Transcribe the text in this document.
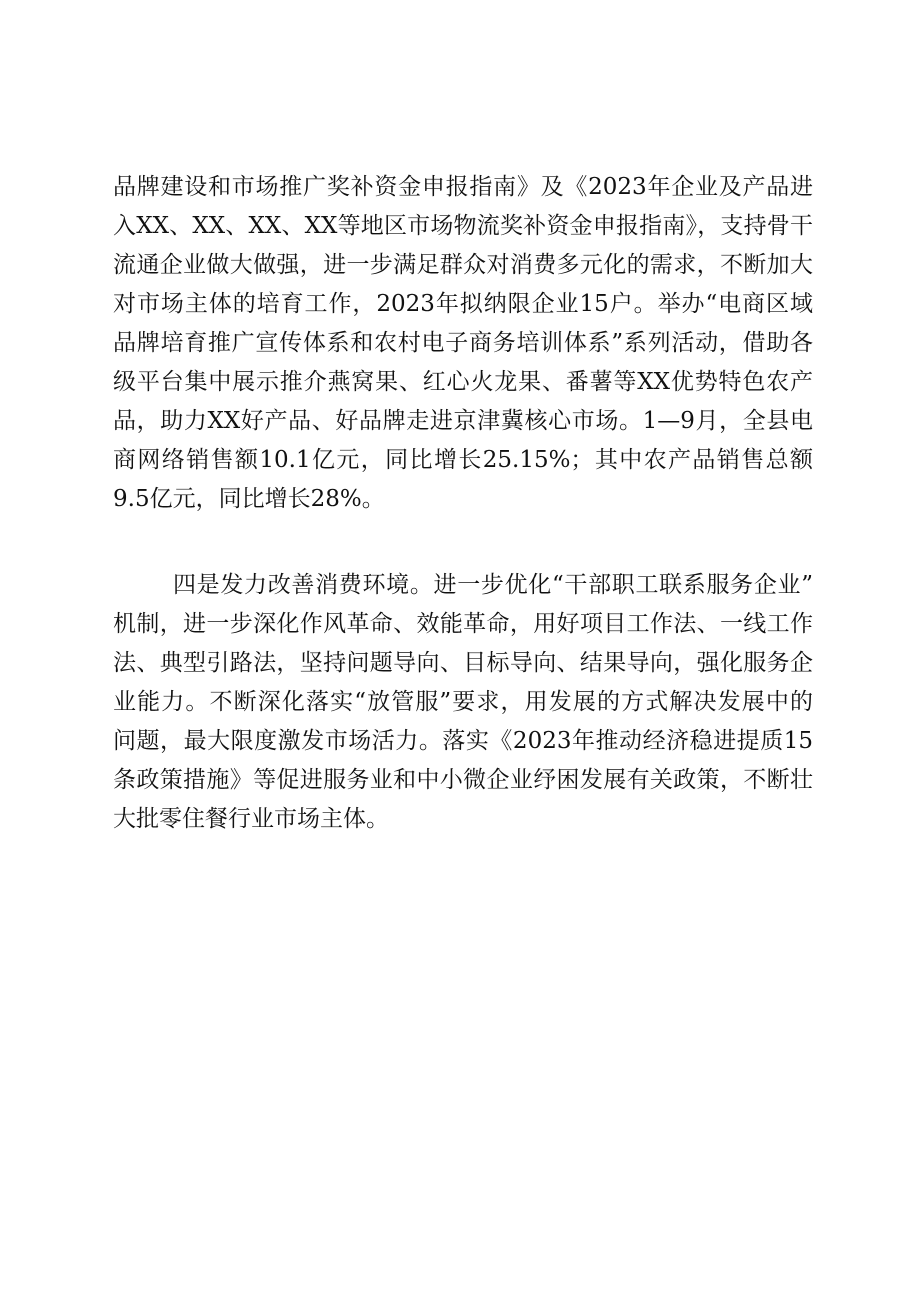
品牌建设和市场推广奖补资金申报指南》及《2023年企业及产品进
入XX、XX、XX、XX等地区市场物流奖补资金申报指南》，支持骨干
流通企业做大做强，进一步满足群众对消费多元化的需求，不断加大
对市场主体的培育工作，2023年拟纳限企业15户。举办“电商区域
品牌培育推广宣传体系和农村电子商务培训体系”系列活动，借助各
级平台集中展示推介燕窝果、红心火龙果、番薯等XX优势特色农产
品，助力XX好产品、好品牌走进京津冀核心市场。1—9月，全县电
商网络销售额10.1亿元，同比增长25.15%；其中农产品销售总额
9.5亿元，同比增长28%。
四是发力改善消费环境。进一步优化“干部职工联系服务企业”
机制，进一步深化作风革命、效能革命，用好项目工作法、一线工作
法、典型引路法，坚持问题导向、目标导向、结果导向，强化服务企
业能力。不断深化落实“放管服”要求，用发展的方式解决发展中的
问题，最大限度激发市场活力。落实《2023年推动经济稳进提质15
条政策措施》等促进服务业和中小微企业纾困发展有关政策，不断壮
大批零住餐行业市场主体。
